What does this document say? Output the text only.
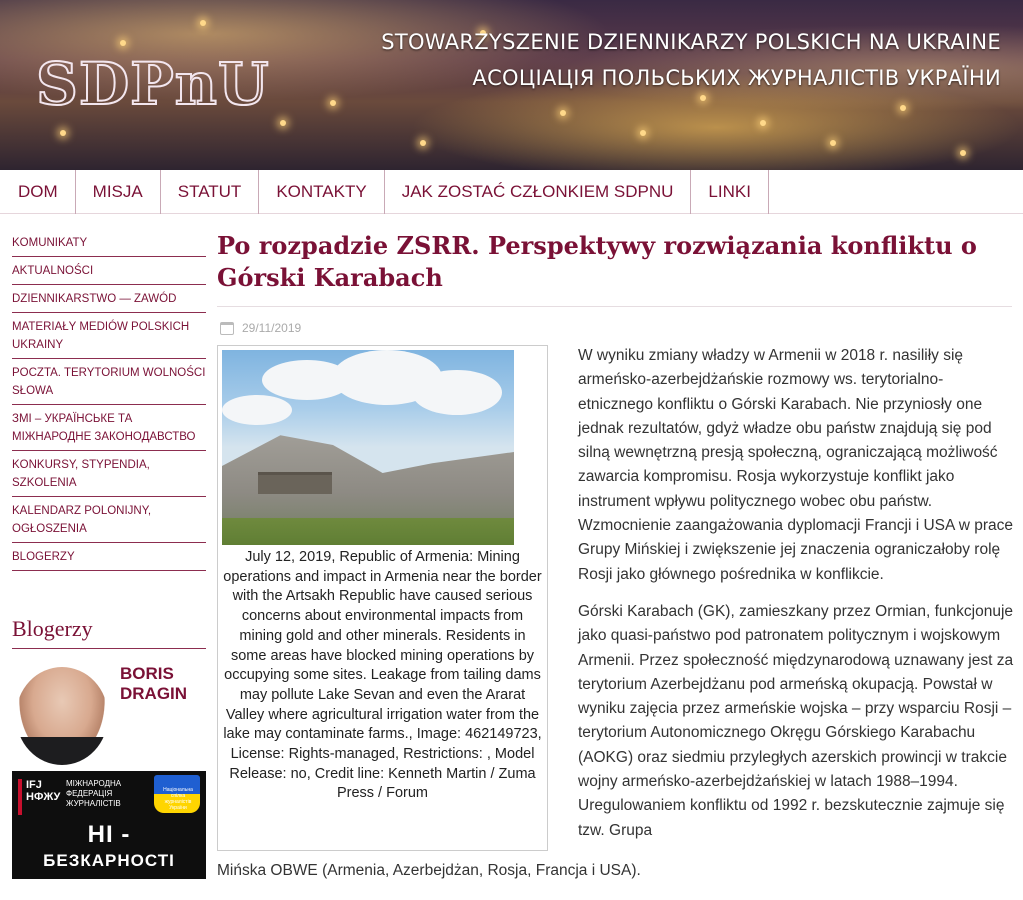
SDPnU
STOWARZYSZENIE DZIENNIKARZY POLSKICH NA UKRAINE
АСОЦІАЦІЯ ПОЛЬСЬКИХ ЖУРНАЛІСТІВ УКРАЇНИ
DOM	MISJA	STATUT	KONTAKTY	JAK ZOSTAĆ CZŁONKIEM SDPNU	LINKI
KOMUNIKATY
AKTUALNOŚCI
DZIENNIKARSTWO — ZAWÓD
MATERIAŁY MEDIÓW POLSKICH UKRAINY
POCZTA. TERYTORIUM WOLNOŚCI SŁOWA
ЗМІ – УКРАЇНСЬКЕ ТА МІЖНАРОДНЕ ЗАКОНОДАВСТВО
KONKURSY, STYPENDIA, SZKOLENIA
KALENDARZ POLONIJNY, OGŁOSZENIA
BLOGERZY
Blogerzy
BORIS DRAGIN
IFJ НФЖУ
МІЖНАРОДНА ФЕДЕРАЦІЯ ЖУРНАЛІСТІВ
Національна спілка журналістів України
НІ -
БЕЗКАРНОСТІ
Po rozpadzie ZSRR. Perspektywy rozwiązania konfliktu o Górski Karabach
29/11/2019
July 12, 2019, Republic of Armenia: Mining operations and impact in Armenia near the border with the Artsakh Republic have caused serious concerns about environmental impacts from mining gold and other minerals. Residents in some areas have blocked mining operations by occupying some sites. Leakage from tailing dams may pollute Lake Sevan and even the Ararat Valley where agricultural irrigation water from the lake may contaminate farms., Image: 462149723, License: Rights-managed, Restrictions: , Model Release: no, Credit line: Kenneth Martin / Zuma Press / Forum

W wyniku zmiany władzy w Armenii w 2018 r. nasiliły się armeńsko-azerbejdżańskie rozmowy ws. terytorialno-etnicznego konfliktu o Górski Karabach. Nie przyniosły one jednak rezultatów, gdyż władze obu państw znajdują się pod silną wewnętrzną presją społeczną, ograniczającą możliwość zawarcia kompromisu. Rosja wykorzystuje konflikt jako instrument wpływu politycznego wobec obu państw. Wzmocnienie zaangażowania dyplomacji Francji i USA w prace Grupy Mińskiej i zwiększenie jej znaczenia ograniczałoby rolę Rosji jako głównego pośrednika w konflikcie.

Górski Karabach (GK), zamieszkany przez Ormian, funkcjonuje jako quasi-państwo pod patronatem politycznym i wojskowym Armenii. Przez społeczność międzynarodową uznawany jest za terytorium Azerbejdżanu pod armeńską okupacją. Powstał w wyniku zajęcia przez armeńskie wojska – przy wsparciu Rosji – terytorium Autonomicznego Okręgu Górskiego Karabachu (AOKG) oraz siedmiu przyległych azerskich prowincji w trakcie wojny armeńsko-azerbejdżańskiej w latach 1988–1994. Uregulowaniem konfliktu od 1992 r. bezskutecznie zajmuje się tzw. Grupa

Mińska OBWE (Armenia, Azerbejdżan, Rosja, Francja i USA).
